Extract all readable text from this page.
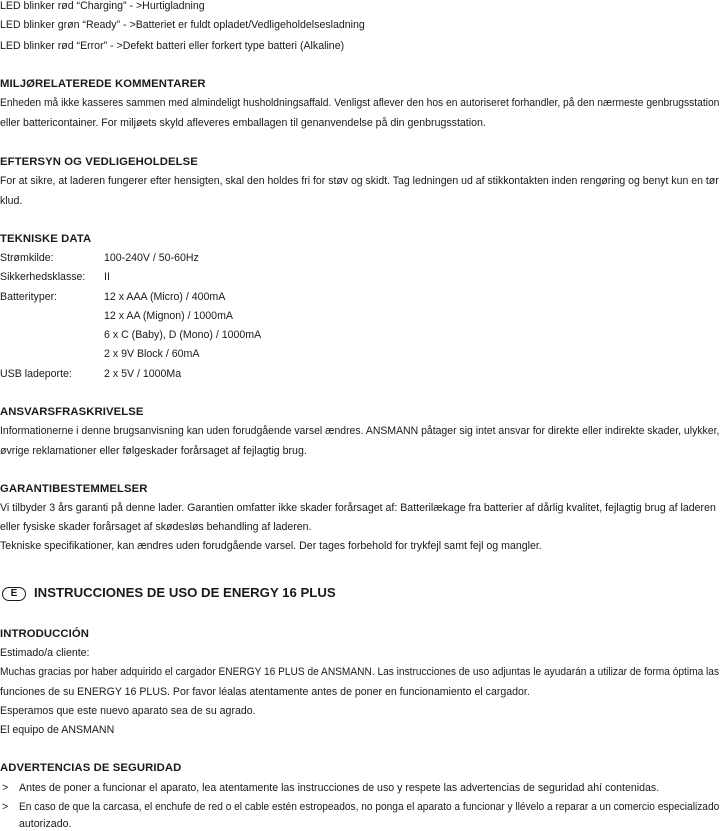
LED blinker rød “Charging” - >Hurtigladning
LED blinker grøn “Ready” - >Batteriet er fuldt opladet/Vedligeholdelsesladning
LED blinker rød “Error” - >Defekt batteri eller forkert type batteri (Alkaline)
MILJØRELATEREDE KOMMENTARER
Enheden må ikke kasseres sammen med almindeligt husholdningsaffald. Venligst aflever den hos en autoriseret forhandler, på den nærmeste genbrugsstation
eller battericontainer. For miljøets skyld afleveres emballagen til genanvendelse på din genbrugsstation.
EFTERSYN OG VEDLIGEHOLDELSE
For at sikre, at laderen fungerer efter hensigten, skal den holdes fri for støv og skidt. Tag ledningen ud af stikkontakten inden rengøring og benyt kun en tør
klud.
TEKNISKE DATA
Strømkilde:	100-240V / 50-60Hz
Sikkerhedsklasse: II
Batterityper:	12 x AAA (Micro) / 400mA
12 x AA (Mignon) / 1000mA
6 x C (Baby), D (Mono) / 1000mA
2 x 9V Block / 60mA
USB ladeporte:	2 x 5V / 1000Ma
ANSVARSFRASKRIVELSE
Informationerne i denne brugsanvisning kan uden forudgående varsel ændres. ANSMANN påtager sig intet ansvar for direkte eller indirekte skader, ulykker,
øvrige reklamationer eller følgeskader forårsaget af fejlagtig brug.
GARANTIBESTEMMELSER
Vi tilbyder 3 års garanti på denne lader. Garantien omfatter ikke skader forårsaget af: Batterilækage fra batterier af dårlig kvalitet, fejlagtig brug af laderen
eller fysiske skader forårsaget af skødesløs behandling af laderen.
Tekniske specifikationer, kan ændres uden forudgående varsel. Der tages forbehold for trykfejl samt fejl og mangler.
E	INSTRUCCIONES DE USO DE ENERGY 16 PLUS
INTRODUCCIÓN
Estimado/a cliente:
Muchas gracias por haber adquirido el cargador ENERGY 16 PLUS de ANSMANN. Las instrucciones de uso adjuntas le ayudarán a utilizar de forma óptima las
funciones de su ENERGY 16 PLUS. Por favor léalas atentamente antes de poner en funcionamiento el cargador.
Esperamos que este nuevo aparato sea de su agrado.
El equipo de ANSMANN
ADVERTENCIAS DE SEGURIDAD
> Antes de poner a funcionar el aparato, lea atentamente las instrucciones de uso y respete las advertencias de seguridad ahí contenidas.
> En caso de que la carcasa, el enchufe de red o el cable estén estropeados, no ponga el aparato a funcionar y llévelo a reparar a un comercio especializado
autorizado.
